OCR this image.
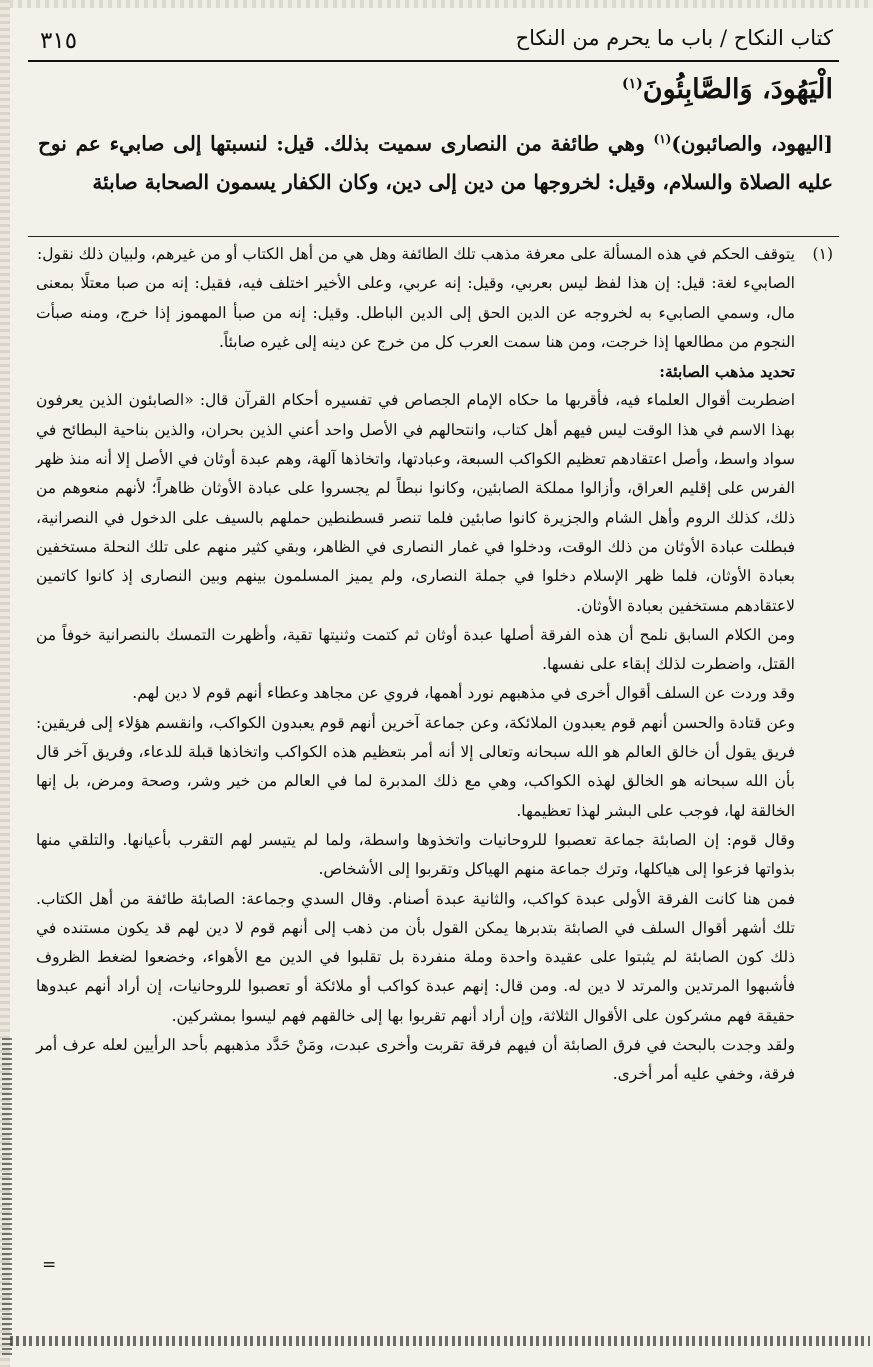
٣١٥	كتاب النكاح / باب ما يحرم من النكاح
الْيَهُودَ، وَالصَّابِئُونَ$^{(١)}$
[اليهود، والصائبون)$^{(١)}$ وهي طائفة من النصارى سميت بذلك. قيل: لنسبتها إلى صابيء عم نوح عليه الصلاة والسلام، وقيل: لخروجها من دين إلى دين، وكان الكفار يسمون الصحابة صابئة

(١)يتوقف الحكم في هذه المسألة على معرفة مذهب تلك الطائفة وهل هي من أهل الكتاب أو من غيرهم، ولبيان ذلك نقول:

الصابيء لغة: قيل: إن هذا لفظ ليس بعربي، وقيل: إنه عربي، وعلى الأخير اختلف فيه، فقيل: إنه من صبا معتلًا بمعنى مال، وسمي الصابيء به لخروجه عن الدين الحق إلى الدين الباطل. وقيل: إنه من صبأ المهموز إذا خرج، ومنه صبأت النجوم من مطالعها إذا خرجت، ومن هنا سمت العرب كل من خرج عن دينه إلى غيره صابئاً.

تحديد مذهب الصابئة:

اضطربت أقوال العلماء فيه، فأقربها ما حكاه الإمام الجصاص في تفسيره أحكام القرآن قال: «الصابئون الذين يعرفون بهذا الاسم في هذا الوقت ليس فيهم أهل كتاب، وانتحالهم في الأصل واحد أعني الذين بحران، والذين بناحية البطائح في سواد واسط، وأصل اعتقادهم تعظيم الكواكب السبعة، وعبادتها، واتخاذها آلهة، وهم عبدة أوثان في الأصل إلا أنه منذ ظهر الفرس على إقليم العراق، وأزالوا مملكة الصابئين، وكانوا نبطاً لم يجسروا على عبادة الأوثان ظاهراً؛ لأنهم منعوهم من ذلك، كذلك الروم وأهل الشام والجزيرة كانوا صابئين فلما تنصر قسطنطين حملهم بالسيف على الدخول في النصرانية، فبطلت عبادة الأوثان من ذلك الوقت، ودخلوا في غمار النصارى في الظاهر، وبقي كثير منهم على تلك النحلة مستخفين بعبادة الأوثان، فلما ظهر الإسلام دخلوا في جملة النصارى، ولم يميز المسلمون بينهم وبين النصارى إذ كانوا كاتمين لاعتقادهم مستخفين بعبادة الأوثان.

ومن الكلام السابق نلمح أن هذه الفرقة أصلها عبدة أوثان ثم كتمت وثنيتها تقية، وأظهرت التمسك بالنصرانية خوفاً من القتل، واضطرت لذلك إبقاء على نفسها.

وقد وردت عن السلف أقوال أخرى في مذهبهم نورد أهمها، فروي عن مجاهد وعطاء أنهم قوم لا دين لهم.

وعن قتادة والحسن أنهم قوم يعبدون الملائكة، وعن جماعة آخرين أنهم قوم يعبدون الكواكب، وانقسم هؤلاء إلى فريقين: فريق يقول أن خالق العالم هو الله سبحانه وتعالى إلا أنه أمر بتعظيم هذه الكواكب واتخاذها قبلة للدعاء، وفريق آخر قال بأن الله سبحانه هو الخالق لهذه الكواكب، وهي مع ذلك المدبرة لما في العالم من خير وشر، وصحة ومرض، بل إنها الخالقة لها، فوجب على البشر لهذا تعظيمها.

وقال قوم: إن الصابئة جماعة تعصبوا للروحانيات واتخذوها واسطة، ولما لم يتيسر لهم التقرب بأعيانها. والتلقي منها بذواتها فزعوا إلى هياكلها، وترك جماعة منهم الهياكل وتقربوا إلى الأشخاص.

فمن هنا كانت الفرقة الأولى عبدة كواكب، والثانية عبدة أصنام. وقال السدي وجماعة: الصابئة طائفة من أهل الكتاب. تلك أشهر أقوال السلف في الصابئة بتدبرها يمكن القول بأن من ذهب إلى أنهم قوم لا دين لهم قد يكون مستنده في ذلك كون الصابئة لم يثبتوا على عقيدة واحدة وملة منفردة بل تقلبوا في الدين مع الأهواء، وخضعوا لضغط الظروف فأشبهوا المرتدين والمرتد لا دين له. ومن قال: إنهم عبدة كواكب أو ملائكة أو تعصبوا للروحانيات، إن أراد أنهم عبدوها حقيقة فهم مشركون على الأقوال الثلاثة، وإن أراد أنهم تقربوا بها إلى خالقهم فهم ليسوا بمشركين.

ولقد وجدت بالبحث في فرق الصابئة أن فيهم فرقة تقربت وأخرى عبدت، ومَنْ حَدَّد مذهبهم بأحد الرأيين لعله عرف أمر فرقة، وخفي عليه أمر أخرى.

=
